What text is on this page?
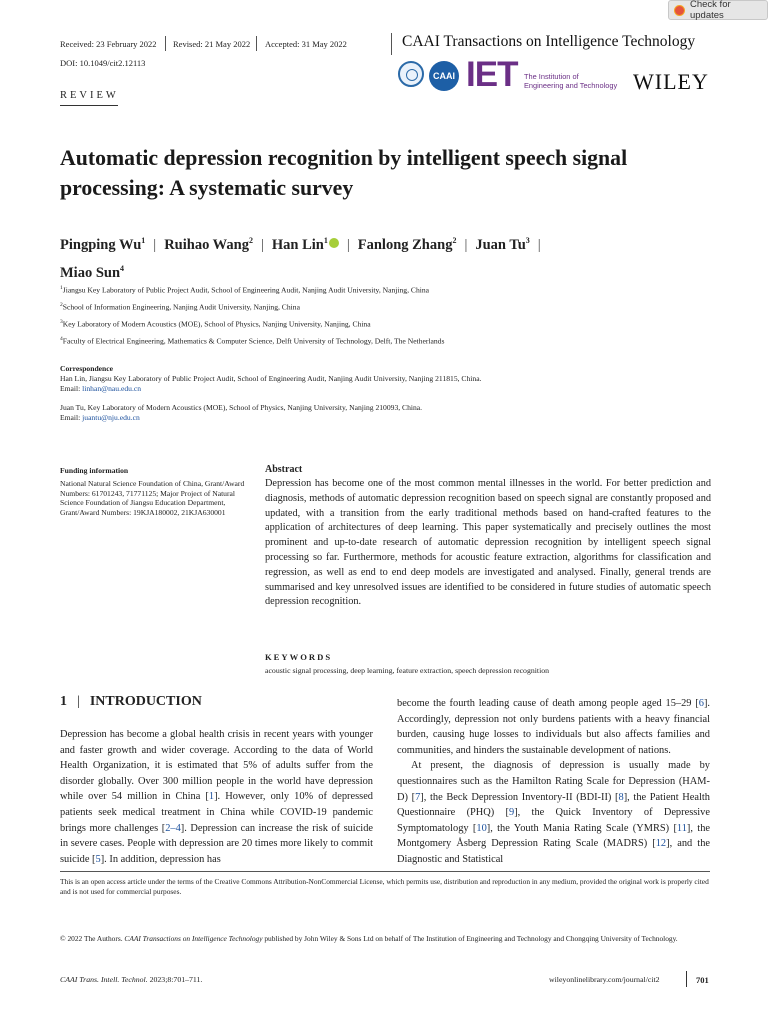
Check for updates
Received: 23 February 2022 Revised: 21 May 2022 Accepted: 31 May 2022	CAAI Transactions on Intelligence Technology
DOI: 10.1049/cit2.12113
CAAI IET The Institution of
Engineering and Technology WILEY
REVIEW
Automatic depression recognition by intelligent speech signal processing: A systematic survey
Pingping Wu$^1$ | Ruihao Wang$^2$ | Han Lin$^1$ | Fanlong Zhang$^2$ | Juan Tu$^3$ |
Miao Sun$^4$
$^1$Jiangsu Key Laboratory of Public Project Audit, School of Engineering Audit, Nanjing Audit University, Nanjing, China
$^2$School of Information Engineering, Nanjing Audit University, Nanjing, China
$^3$Key Laboratory of Modern Acoustics (MOE), School of Physics, Nanjing University, Nanjing, China
$^4$Faculty of Electrical Engineering, Mathematics & Computer Science, Delft University of Technology, Delft, The Netherlands
Correspondence
Han Lin, Jiangsu Key Laboratory of Public Project Audit, School of Engineering Audit, Nanjing Audit University, Nanjing 211815, China.
Email: linhan@nau.edu.cn
Juan Tu, Key Laboratory of Modern Acoustics (MOE), School of Physics, Nanjing University, Nanjing 210093, China.
Email: juantu@nju.edu.cn
Funding information
National Natural Science Foundation of China, Grant/Award Numbers: 61701243, 71771125; Major Project of Natural Science Foundation of Jiangsu Education Department, Grant/Award Numbers: 19KJA180002, 21KJA630001
Abstract
Depression has become one of the most common mental illnesses in the world. For better prediction and diagnosis, methods of automatic depression recognition based on speech signal are constantly proposed and updated, with a transition from the early traditional methods based on hand-crafted features to the application of architectures of deep learning. This paper systematically and precisely outlines the most prominent and up-to-date research of automatic depression recognition by intelligent speech signal processing so far. Furthermore, methods for acoustic feature extraction, algorithms for classification and regression, as well as end to end deep models are investigated and analysed. Finally, general trends are summarised and key unresolved issues are identified to be considered in future studies of automatic speech depression recognition.
KEYWORDS
acoustic signal processing, deep learning, feature extraction, speech depression recognition
1 | INTRODUCTION
Depression has become a global health crisis in recent years with younger and faster growth and wider coverage. According to the data of World Health Organization, it is estimated that 5% of adults suffer from the disorder globally. Over 300 million people in the world have depression while over 54 million in China [1]. However, only 10% of depressed patients seek medical treatment in China while COVID-19 pandemic brings more challenges [2–4]. Depression can increase the risk of suicide in severe cases. People with depression are 20 times more likely to commit suicide [5]. In addition, depression has
become the fourth leading cause of death among people aged 15–29 [6]. Accordingly, depression not only burdens patients with a heavy financial burden, causing huge losses to individuals but also affects families and communities, and hinders the sustainable development of nations.
At present, the diagnosis of depression is usually made by questionnaires such as the Hamilton Rating Scale for Depression (HAM-D) [7], the Beck Depression Inventory-II (BDI-II) [8], the Patient Health Questionnaire (PHQ) [9], the Quick Inventory of Depressive Symptomatology [10], the Youth Mania Rating Scale (YMRS) [11], the Montgomery Åsberg Depression Rating Scale (MADRS) [12], and the Diagnostic and Statistical
This is an open access article under the terms of the Creative Commons Attribution-NonCommercial License, which permits use, distribution and reproduction in any medium, provided the original work is properly cited and is not used for commercial purposes.
© 2022 The Authors. CAAI Transactions on Intelligence Technology published by John Wiley & Sons Ltd on behalf of The Institution of Engineering and Technology and Chongqing University of Technology.
CAAI Trans. Intell. Technol. 2023;8:701–711.	wileyonlinelibrary.com/journal/cit2	701
